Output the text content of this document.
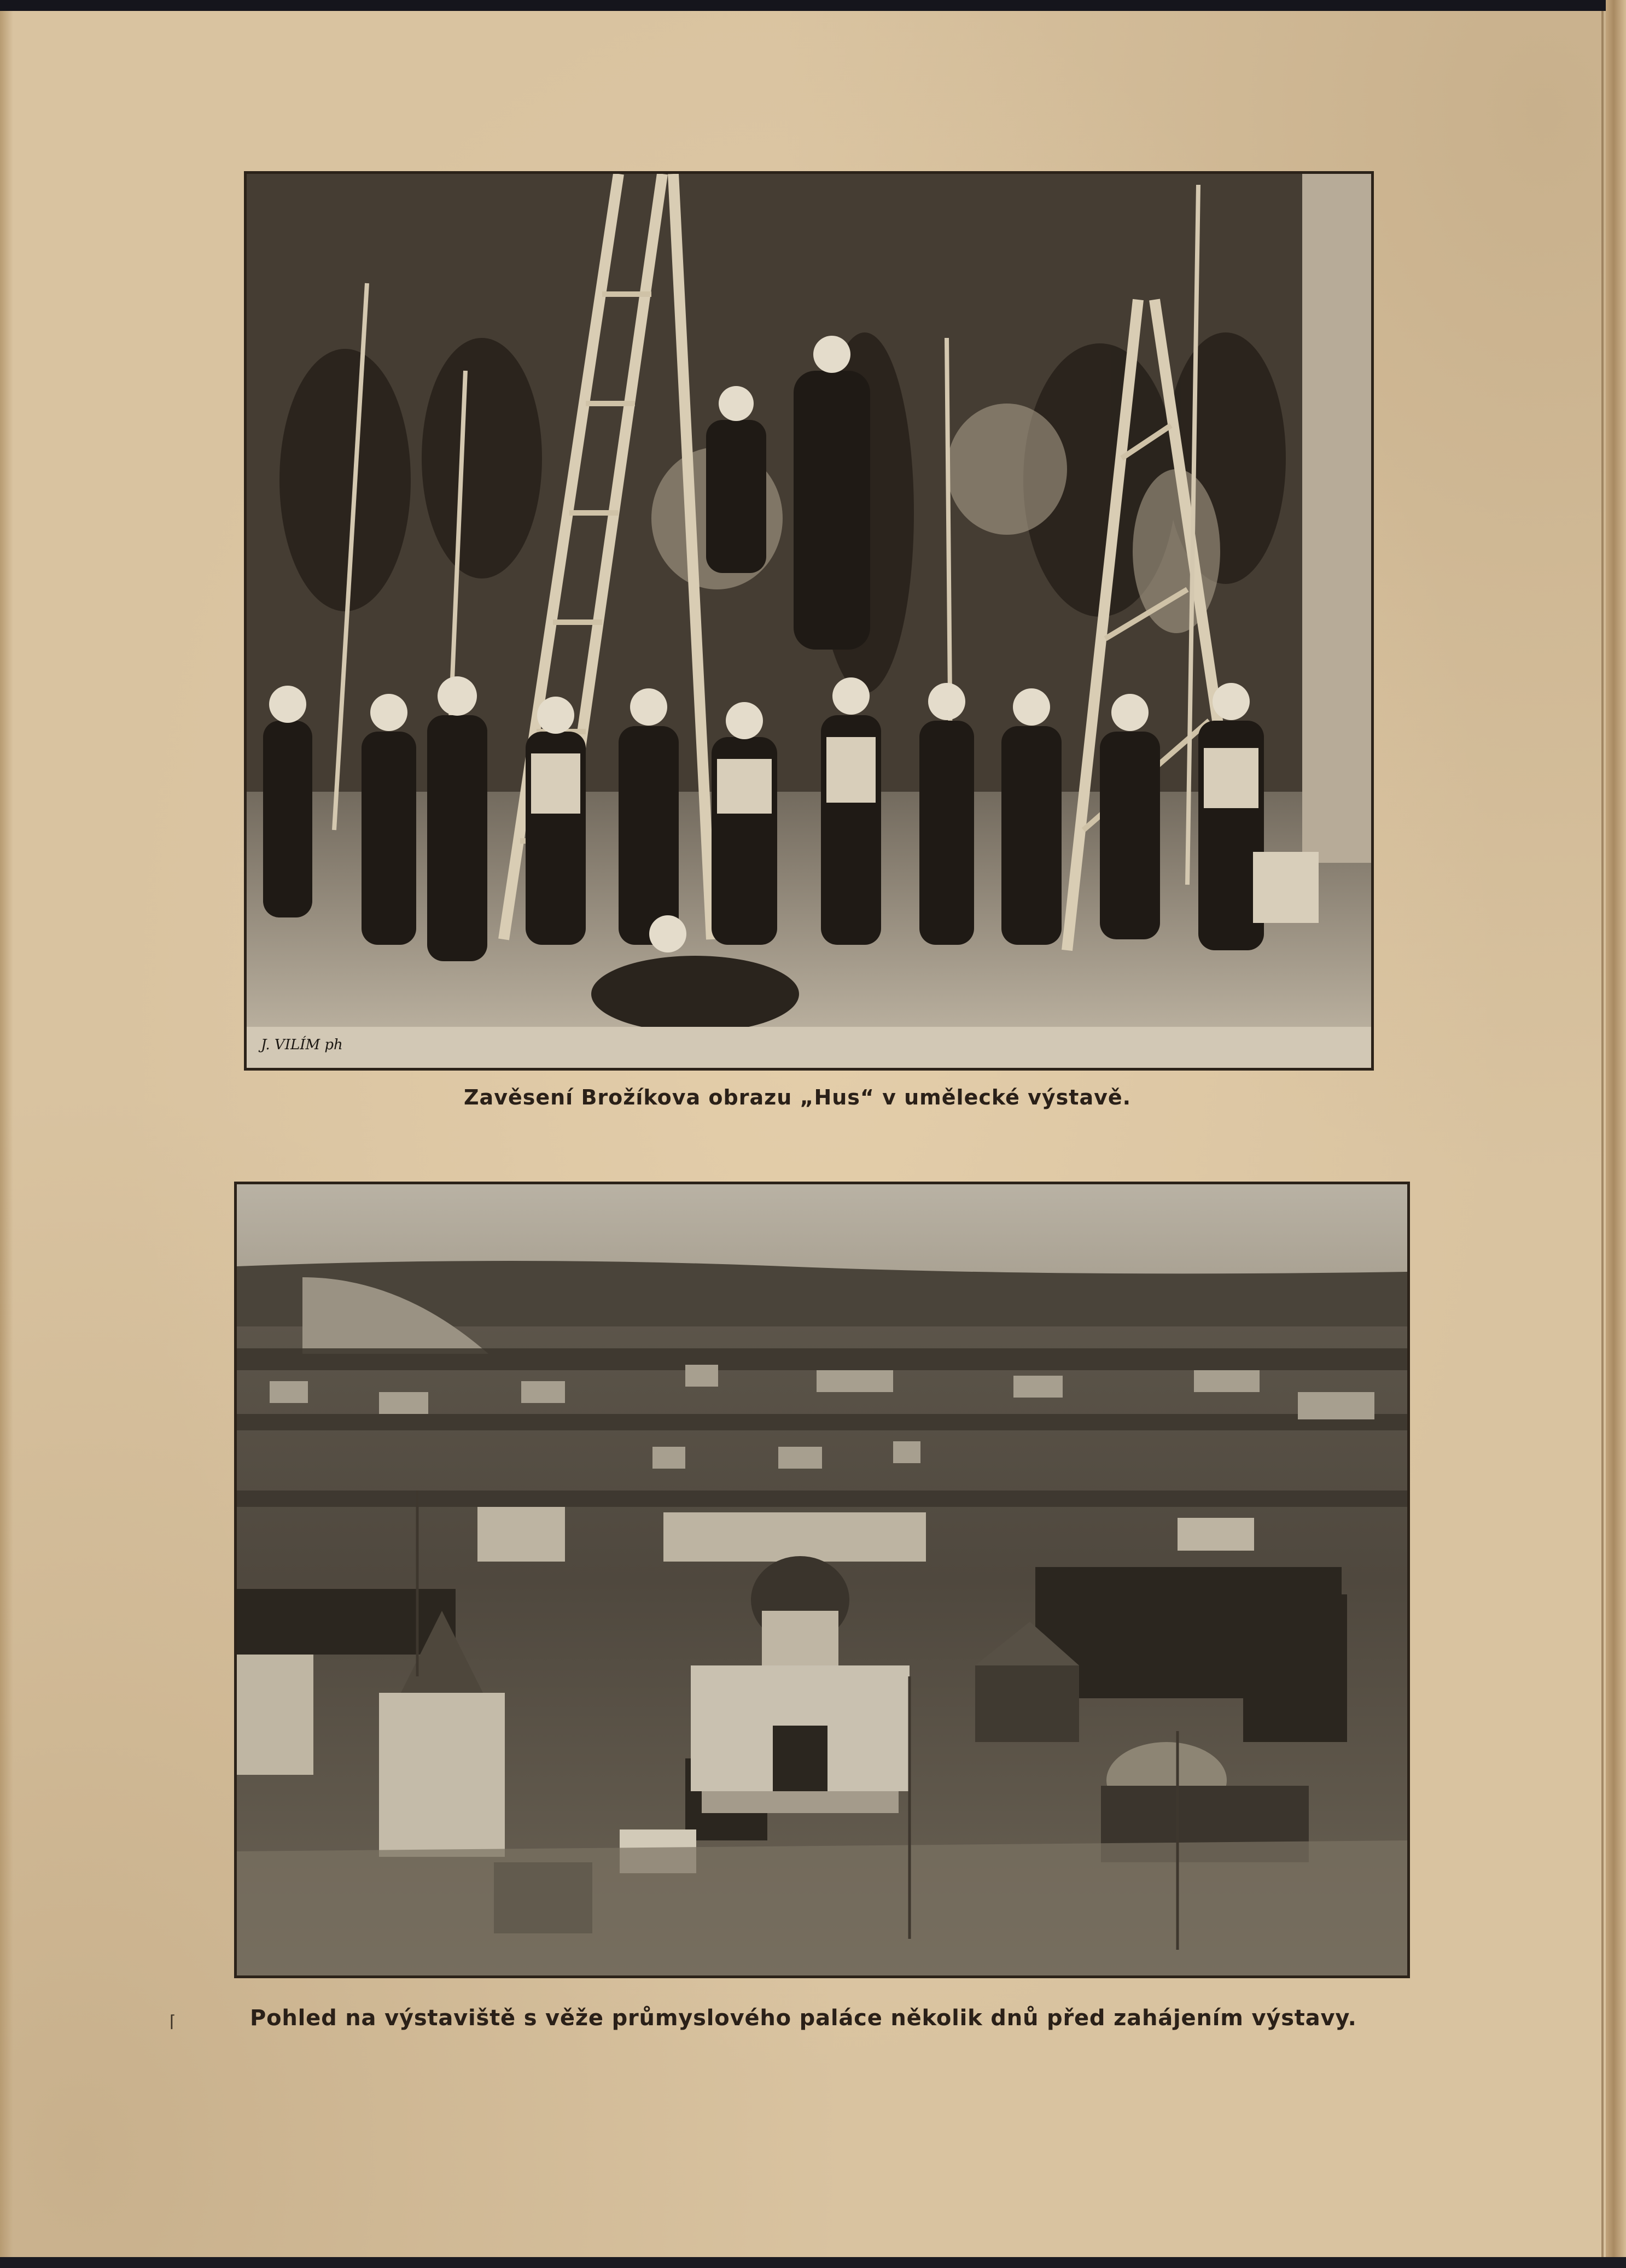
J. VILÍM ph
Zavěsení Brožíkova obrazu „Hus“ v umělecké výstavě.
⌈	Pohled na výstaviště s věže průmyslového paláce několik dnů před zahájením výstavy.
